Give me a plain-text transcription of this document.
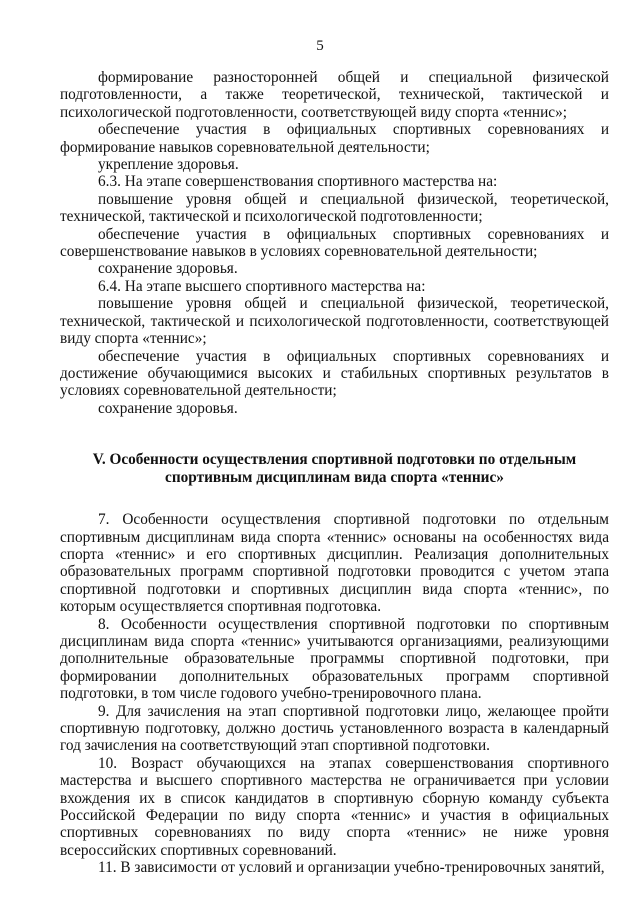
5

формирование разносторонней общей и специальной физической подготовленности, а также теоретической, технической, тактической и психологической подготовленности, соответствующей виду спорта «теннис»;

обеспечение участия в официальных спортивных соревнованиях и формирование навыков соревновательной деятельности;

укрепление здоровья.

6.3. На этапе совершенствования спортивного мастерства на:

повышение уровня общей и специальной физической, теоретической, технической, тактической и психологической подготовленности;

обеспечение участия в официальных спортивных соревнованиях и совершенствование навыков в условиях соревновательной деятельности;

сохранение здоровья.

6.4. На этапе высшего спортивного мастерства на:

повышение уровня общей и специальной физической, теоретической, технической, тактической и психологической подготовленности, соответствующей виду спорта «теннис»;

обеспечение участия в официальных спортивных соревнованиях и достижение обучающимися высоких и стабильных спортивных результатов в условиях соревновательной деятельности;

сохранение здоровья.

V. Особенности осуществления спортивной подготовки по отдельным
спортивным дисциплинам вида спорта «теннис»

7. Особенности осуществления спортивной подготовки по отдельным спортивным дисциплинам вида спорта «теннис» основаны на особенностях вида спорта «теннис» и его спортивных дисциплин. Реализация дополнительных образовательных программ спортивной подготовки проводится с учетом этапа спортивной подготовки и спортивных дисциплин вида спорта «теннис», по которым осуществляется спортивная подготовка.

8. Особенности осуществления спортивной подготовки по спортивным дисциплинам вида спорта «теннис» учитываются организациями, реализующими дополнительные образовательные программы спортивной подготовки, при формировании дополнительных образовательных программ спортивной подготовки, в том числе годового учебно-тренировочного плана.

9. Для зачисления на этап спортивной подготовки лицо, желающее пройти спортивную подготовку, должно достичь установленного возраста в календарный год зачисления на соответствующий этап спортивной подготовки.

10. Возраст обучающихся на этапах совершенствования спортивного мастерства и высшего спортивного мастерства не ограничивается при условии вхождения их в список кандидатов в спортивную сборную команду субъекта Российской Федерации по виду спорта «теннис» и участия в официальных спортивных соревнованиях по виду спорта «теннис» не ниже уровня всероссийских спортивных соревнований.

11. В зависимости от условий и организации учебно-тренировочных занятий,
